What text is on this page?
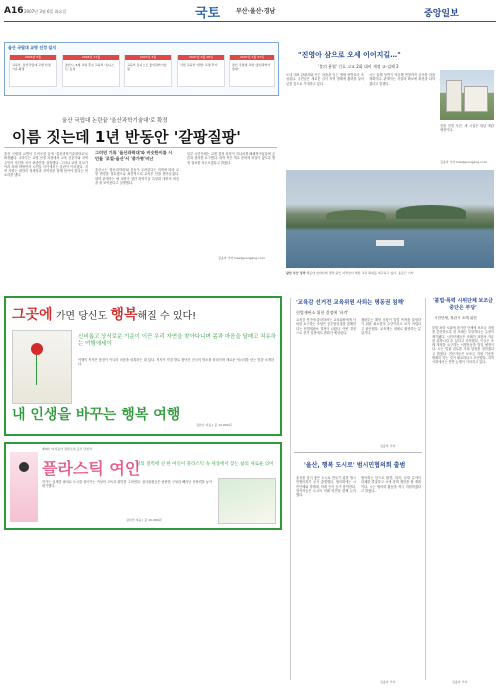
A16 2007년 3월 6일 화요일	국토	부산·울산·경남	중앙일보
울산 국립대 교명 선정 일지
2006년 5월
교육부, 울산국립대 교명 선정 기준 확정
2006년 11월
울산시, 5개 교명 후보 교육부 '유니스트' 등록
2007년 2월
교육부 유니스트 울산과학기술원
2007년 2월 26일
국립 교육부 '한편' 교명 추가
2007년 2월 27일
울산 국립대 교명 '울산과학기술대'
울산 국립대 논란끝 '울산과학기술대'로 확정
이름 짓는데 1년 반동안 '갈팡질팡'
울산 국립대 교명이 우여곡절 끝에 '울산과학기술대학교'로 확정됐다. 교육부는 교명 선정 과정에서 교육 전문가와 지역 주민의 의견을 모아 최종안을 결정했다. 그러나 교명 후보가 여러 차례 바뀌면서 시민들 사이에서는 혼란이 이어졌다. 지역 사회는 대학의 정체성과 지역성을 함께 담아야 한다는 목소리를 냈다.
그러던 기류 '울산과학대'와 비슷한이름 시민들 '로컬-울산'서 '총가형'비난
울산시는 '울산과학대'와 혼동이 우려된다는 지적에 따라 교명 변경을 검토했으나 최종적으로 교육부 안을 받아들였다. 대학 관계자는 새 교명이 첨단 과학기술 특성화 대학의 비전을 잘 보여준다고 설명했다.
일부 시민단체는 교명 결정 과정이 지나치게 폐쇄적이었다며 공론화 절차를 요구했다. 대학 측은 개교 준비에 차질이 없도록 행정 절차를 서두르겠다고 밝혔다.
김송자 기자 kiss@joongang.co.kr
"진영아 삼으로 오세 이어지길…"
'불의 용엽' 간호 고교 2회 대비 재정 교-김해 2
도내 대표 관광지와 인근 마을을 잇는 생태 탐방로가 조성된다. 주민들은 새로운 길이 지역 경제에 활력을 불어넣을 것으로 기대하고 있다.
시는 올해 상반기 착공해 연말까지 공사를 마칠 계획이다. 관계자는 사업비 확보에 최선을 다하겠다고 말했다.
건물 전경 사진. 새 시설은 내년 개관 예정이다.
김송자 기자 kiss@joongang.co.kr
광안 부산 정박 해운대 앞바다에 정박 중인 여객선이 해상 교류 확대를 예고하고 있다. 송봉근 기자
그곳에 가면 당신도 행복해질 수 있다!
신비롭고 상서로운 기운이 이끈 우리 자연을 찾아다니며 몸과 마음을 달래고 치유하는 여행에세이
여행의 목적은 풍경이 아니라 마음을 회복하는 데 있다. 저자가 직접 발로 찾아간 전국의 명소를 따라가며 새로운 에너지를 얻는 법을 소개한다.
내 인생을 바꾸는 행복 여행
김한수 지음 | 값 12,000원
제3회 '여성동아 장편소설 공모 당선작
플라스틱 여인
삶의 절벽에 선 한 여인이 플라스틱 속 세상에서 찾는 삶의 새로운 의미
작가는 섬세한 필치로 도시를 살아가는 여성의 고독과 희망을 그려낸다. 심사위원들은 탄탄한 구성과 빼어난 문장력을 높이 평가했다.
김다빈 지음 | 값 10,000원
'교육감 선거전 교육위원 사퇴는 명동권 침해'
헌법재판소 위헌 결정에 '파격'
교육감 선거에 출마하려는 교육위원에게 사퇴를 요구하는 조항은 공무담임권을 침해한다는 헌법재판소 결정이 나왔다. 이번 결정으로 선거 일정에도 변화가 예상된다.
재판부는 해당 조항이 입법 목적을 달성하기 위한 최소한의 수단이라고 보기 어렵다고 판단했다. 교육계는 대체로 환영하는 분위기다.
김송자 기자
'울산, 행복 도시로' 범시민협의회 출범
울산을 살기 좋은 도시로 만들기 위한 범시민협의회가 공식 출범했다. 협의회에는 시민단체와 경제계, 학계 인사 등이 참여한다. 참석자들은 도시의 미래 비전을 함께 논의했다.
협의회는 앞으로 환경, 복지, 문화 분야의 과제를 발굴하고 시에 정책 제안을 할 계획이다. 시는 협의회 활동을 적극 지원하겠다고 밝혔다.
김송자 기자
'불법·폭력 시위단체 보조금 중단은 부당'
시민단체, 정관시 조례 위헌
불법·폭력 시위에 참가한 단체에 보조금 지원을 중단하도록 한 조례는 부당하다는 주장이 제기됐다. 시민단체들은 조례가 표현의 자유를 위축시킬 수 있다고 지적했다. 이들은 조례 개정을 요구하는 서명운동을 벌일 예정이다. 시는 법률 검토를 거쳐 입장을 정하겠다고 밝혔다. 전문가들은 보조금 지원 기준을 명확히 하는 것이 필요하다고 조언했다. 지역 사회에서는 찬반 논쟁이 이어지고 있다.
김송자 기자
